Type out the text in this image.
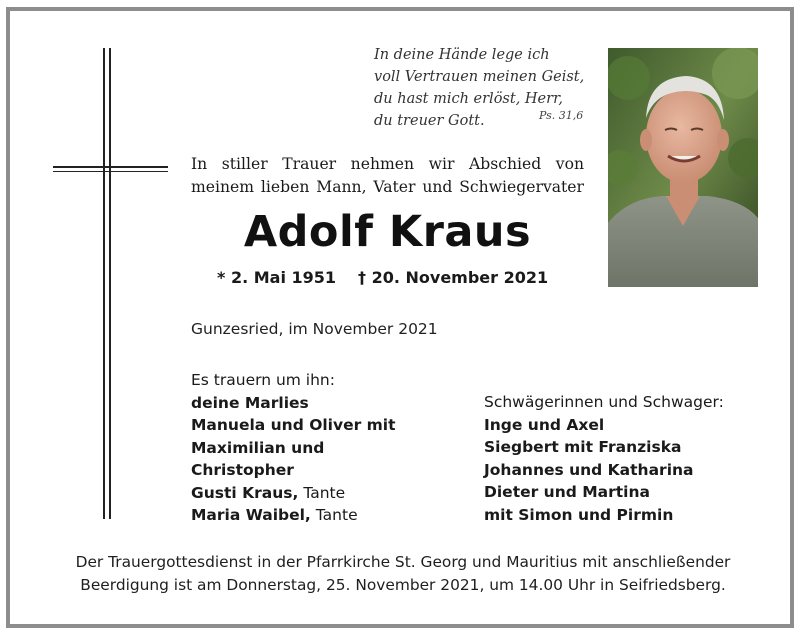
In deine Hände lege ich
voll Vertrauen meinen Geist,
du hast mich erlöst, Herr,
du treuer Gott.	Ps. 31,6
In stiller Trauer nehmen wir Abschied von
meinem lieben Mann, Vater und Schwiegervater
Adolf Kraus
* 2. Mai 1951 † 20. November 2021
Gunzesried, im November 2021
Es trauern um ihn:
deine Marlies
Manuela und Oliver mit
Maximilian und
Christopher
Gusti Kraus, Tante
Maria Waibel, Tante
Schwägerinnen und Schwager:
Inge und Axel
Siegbert mit Franziska
Johannes und Katharina
Dieter und Martina
mit Simon und Pirmin
Der Trauergottesdienst in der Pfarrkirche St. Georg und Mauritius mit anschließender
Beerdigung ist am Donnerstag, 25. November 2021, um 14.00 Uhr in Seifriedsberg.
